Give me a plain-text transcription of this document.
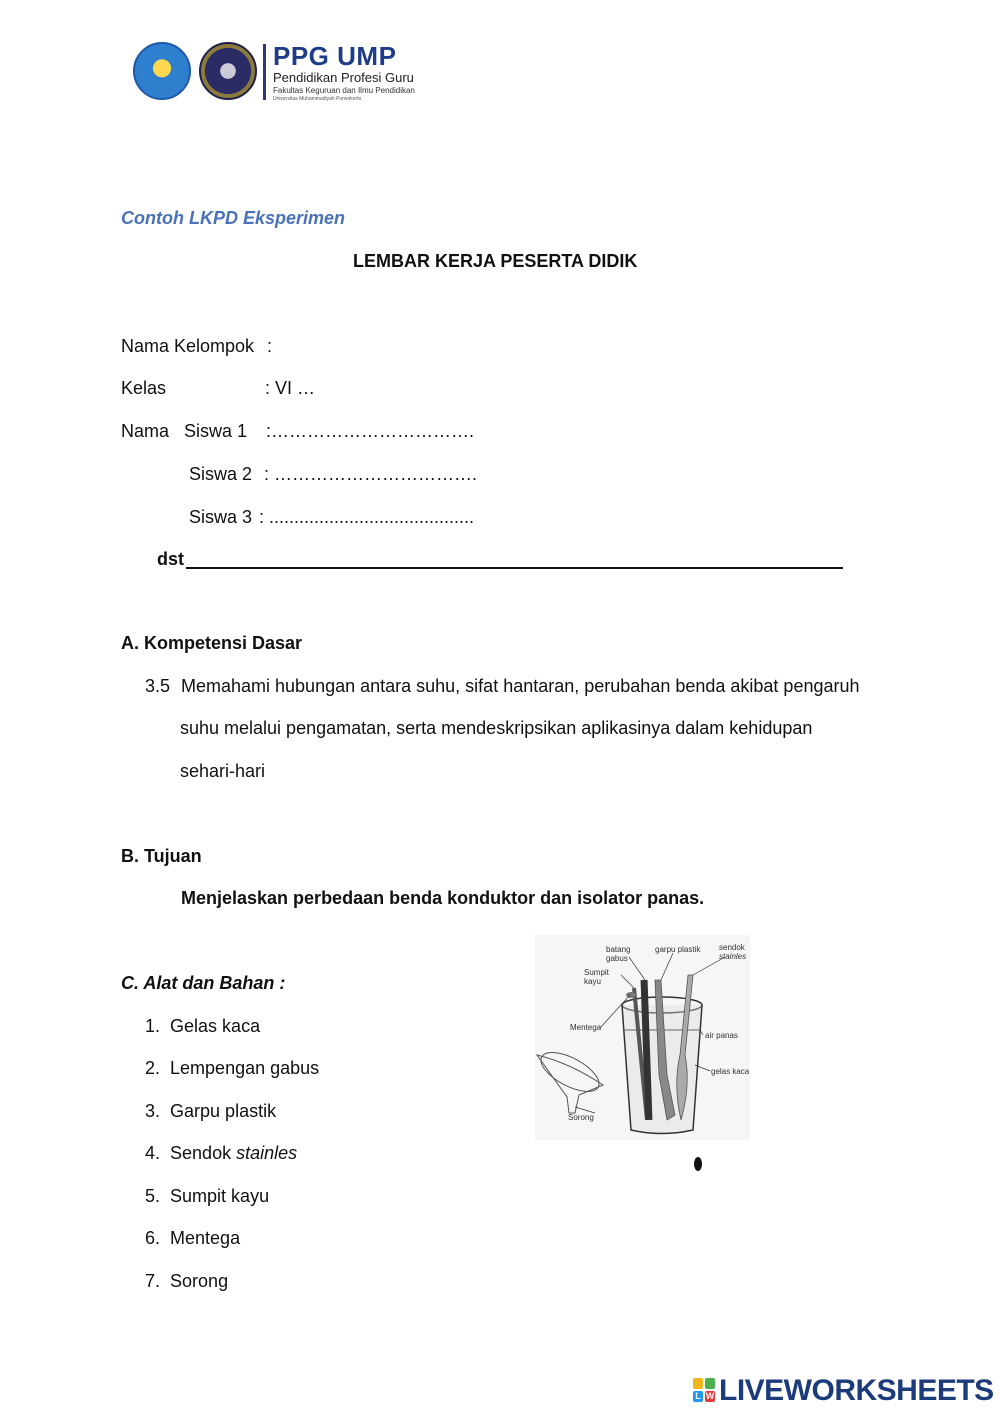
PPG UMP
Pendidikan Profesi Guru
Fakultas Keguruan dan Ilmu Pendidikan
Universitas Muhammadiyah Purwokerto
Contoh LKPD Eksperimen
LEMBAR KERJA PESERTA DIDIK
Nama Kelompok :
Kelas	: VI …
Nama   Siswa 1 :…………………………….
Siswa 2 : …………………………….
Siswa 3 : .........................................
dst
A. Kompetensi Dasar
3.5 Memahami hubungan antara suhu, sifat hantaran, perubahan benda akibat pengaruh
suhu melalui pengamatan, serta mendeskripsikan aplikasinya dalam kehidupan
sehari-hari
B. Tujuan
Menjelaskan perbedaan benda konduktor dan isolator panas.
C. Alat dan Bahan :
1. Gelas kaca
2. Lempengan gabus
3. Garpu plastik
4. Sendok stainles
5. Sumpit kayu
6. Mentega
7. Sorong
batang gabus
garpu plastik sendok
stainles
Sumpit kayu
Mentega
air panas
gelas kaca
Sorong
L W LIVEWORKSHEETS
